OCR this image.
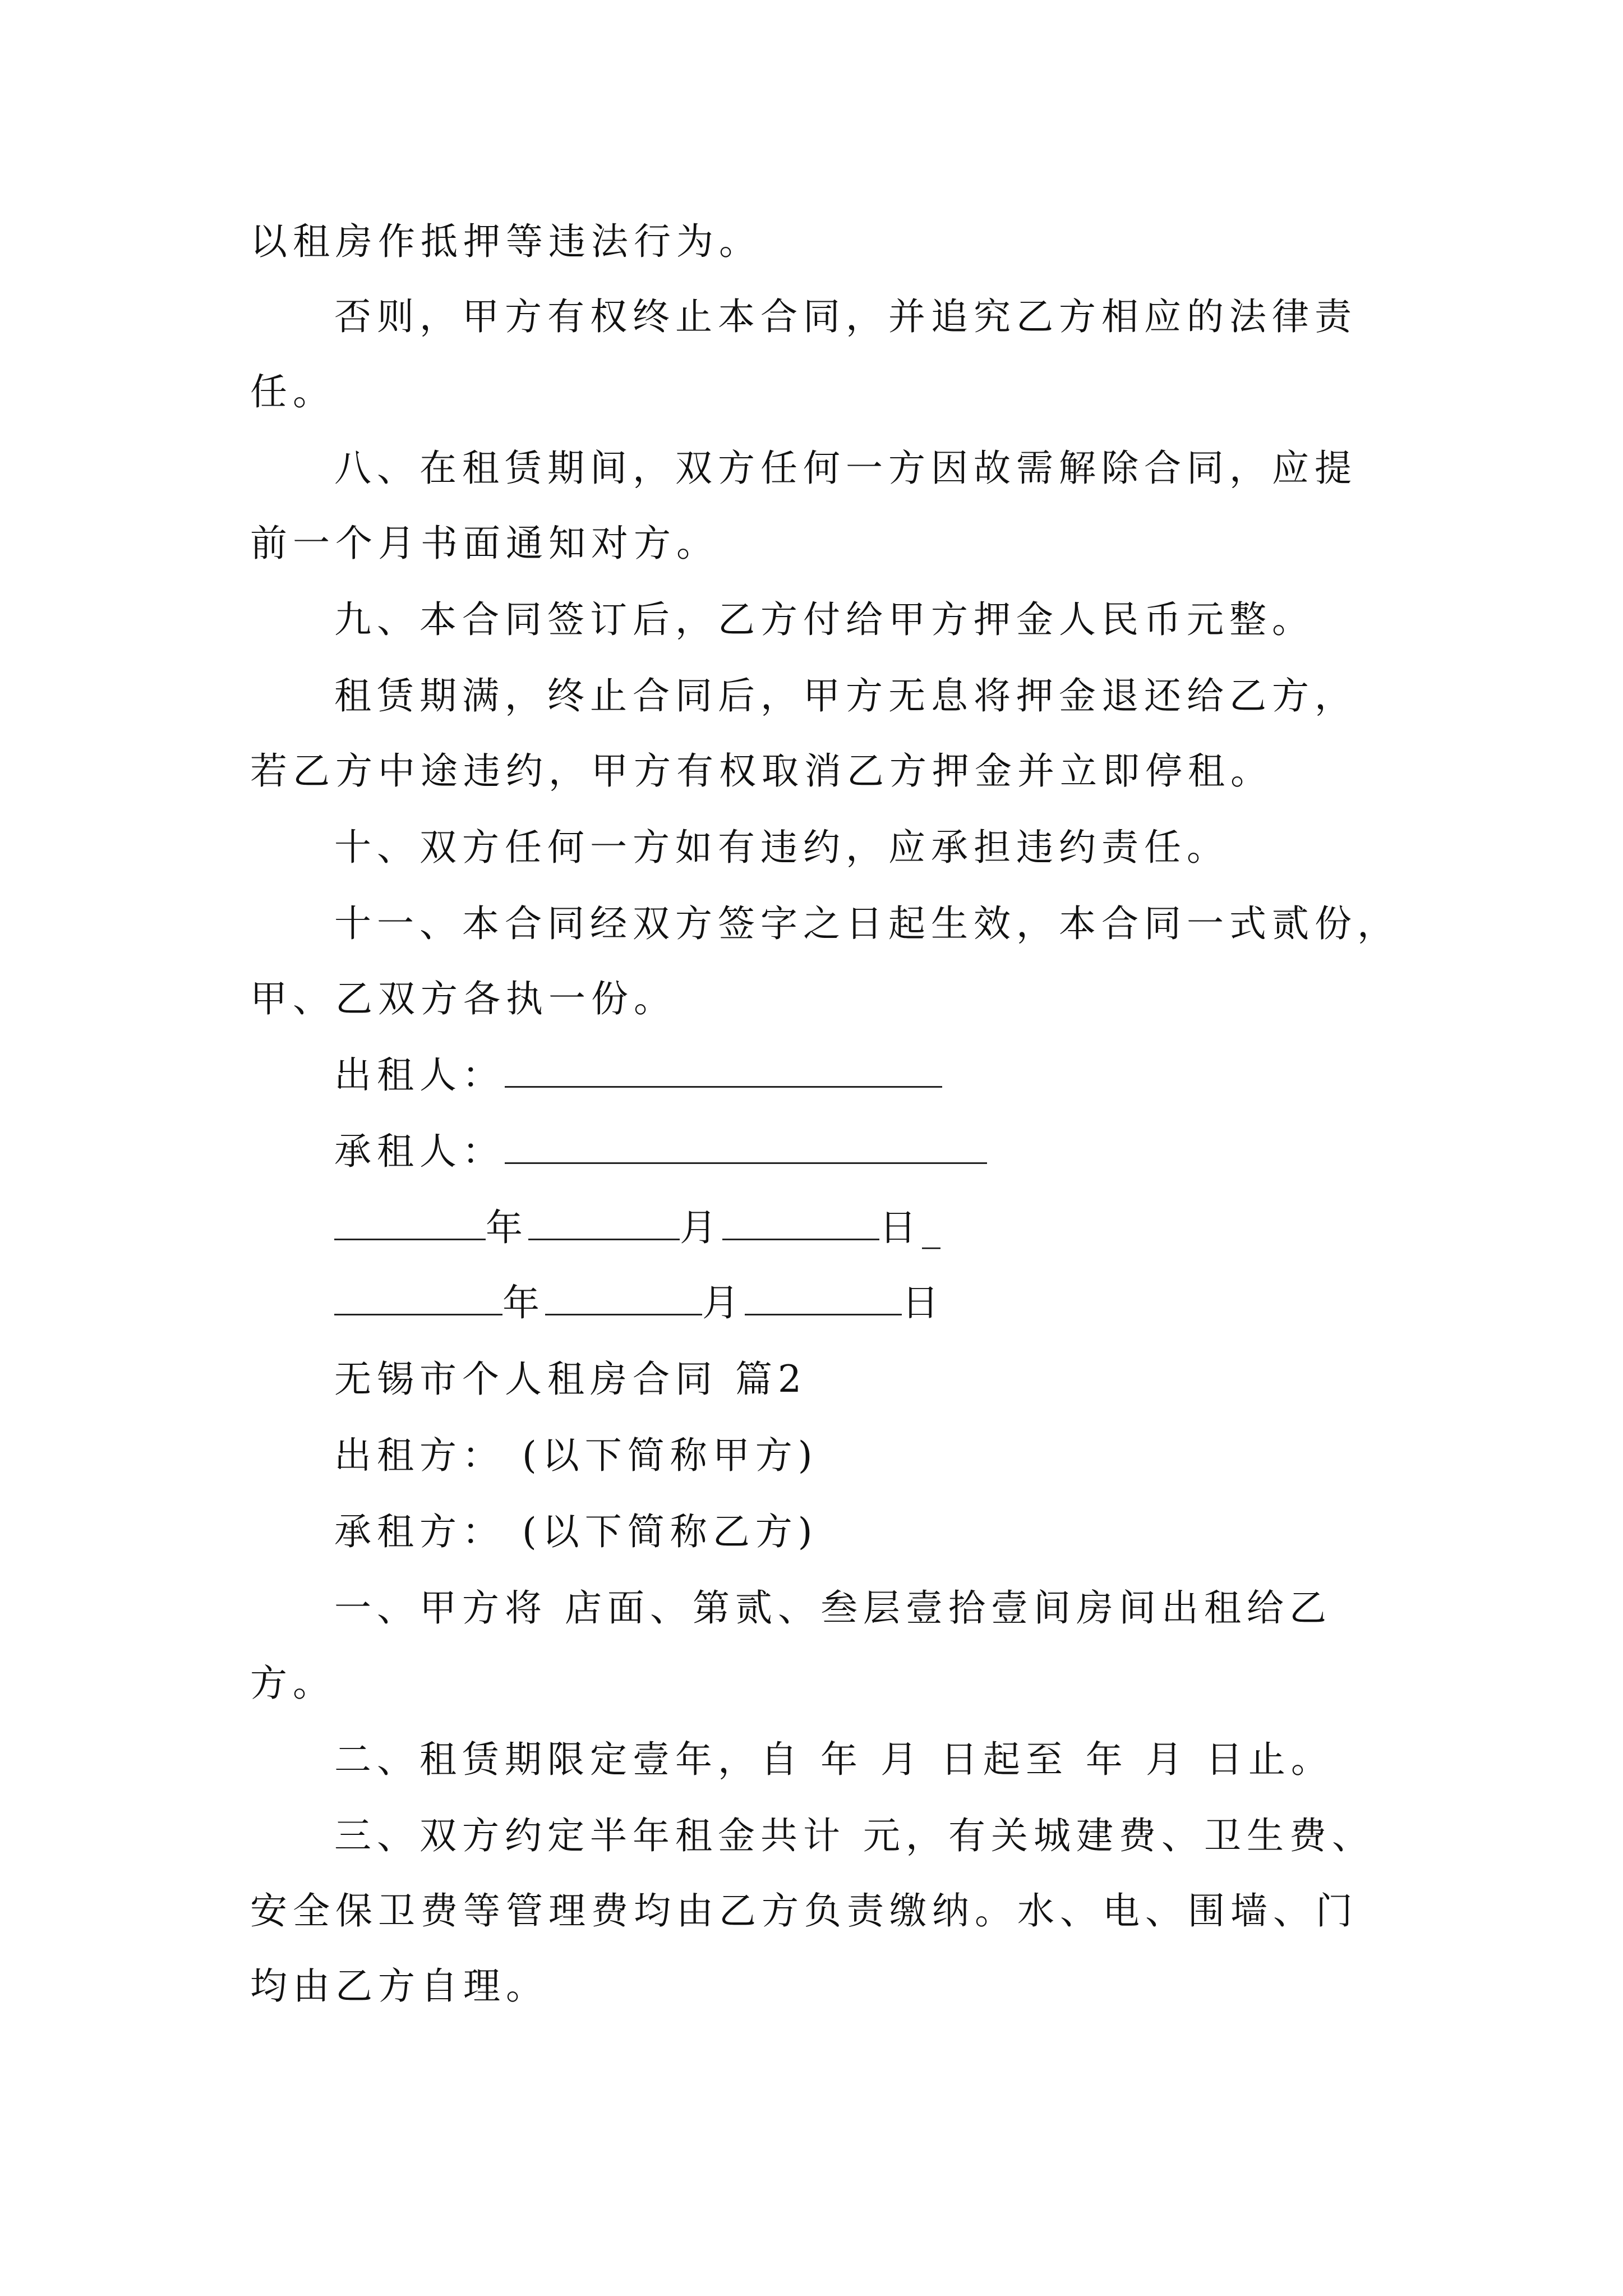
以租房作抵押等违法行为。
否则，甲方有权终止本合同，并追究乙方相应的法律责
任。
八、在租赁期间，双方任何一方因故需解除合同，应提
前一个月书面通知对方。
九、本合同签订后，乙方付给甲方押金人民币元整。
租赁期满，终止合同后，甲方无息将押金退还给乙方，
若乙方中途违约，甲方有权取消乙方押金并立即停租。
十、双方任何一方如有违约，应承担违约责任。
十一、本合同经双方签字之日起生效，本合同一式贰份，
甲、乙双方各执一份。
出租人：
承租人：
年	月	日_
年	月	日
无锡市个人租房合同 篇2
出租方： (以下简称甲方)
承租方： (以下简称乙方)
一、甲方将 店面、第贰、叁层壹拾壹间房间出租给乙
方。
二、租赁期限定壹年，自 年 月 日起至 年 月 日止。
三、双方约定半年租金共计 元，有关城建费、卫生费、
安全保卫费等管理费均由乙方负责缴纳。水、电、围墙、门
均由乙方自理。
